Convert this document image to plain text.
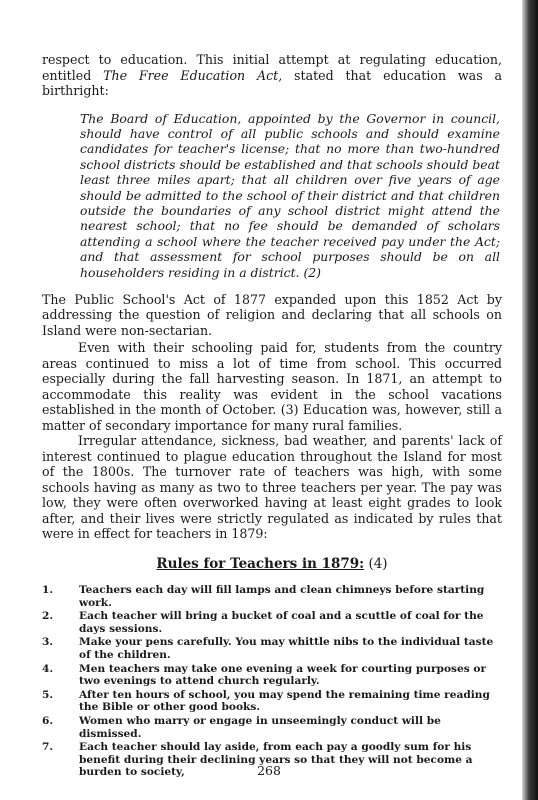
respect to education. This initial attempt at regulating education, entitled The Free Education Act, stated that education was a birthright:

The Board of Education, appointed by the Governor in council, should have control of all public schools and should examine candidates for teacher's license; that no more than two-hundred school districts should be established and that schools should beat least three miles apart; that all children over five years of age should be admitted to the school of their district and that children outside the boundaries of any school district might attend the nearest school; that no fee should be demanded of scholars attending a school where the teacher received pay under the Act; and that assessment for school purposes should be on all householders residing in a district. (2)

The Public School's Act of 1877 expanded upon this 1852 Act by addressing the question of religion and declaring that all schools on Island were non-sectarian.

Even with their schooling paid for, students from the country areas continued to miss a lot of time from school. This occurred especially during the fall harvesting season. In 1871, an attempt to accommodate this reality was evident in the school vacations established in the month of October. (3) Education was, however, still a matter of secondary importance for many rural families.

Irregular attendance, sickness, bad weather, and parents' lack of interest continued to plague education throughout the Island for most of the 1800s. The turnover rate of teachers was high, with some schools having as many as two to three teachers per year. The pay was low, they were often overworked having at least eight grades to look after, and their lives were strictly regulated as indicated by rules that were in effect for teachers in 1879:

Rules for Teachers in 1879: (4)
1.	Teachers each day will fill lamps and clean chimneys before starting work.
2.	Each teacher will bring a bucket of coal and a scuttle of coal for the days sessions.
3.	Make your pens carefully. You may whittle nibs to the individual taste of the children.
4.	Men teachers may take one evening a week for courting purposes or two evenings to attend church regularly.
5.	After ten hours of school, you may spend the remaining time reading the Bible or other good books.
6.	Women who marry or engage in unseemingly conduct will be dismissed.
7.	Each teacher should lay aside, from each pay a goodly sum for his benefit during their declining years so that they will not become a burden to society,	268
